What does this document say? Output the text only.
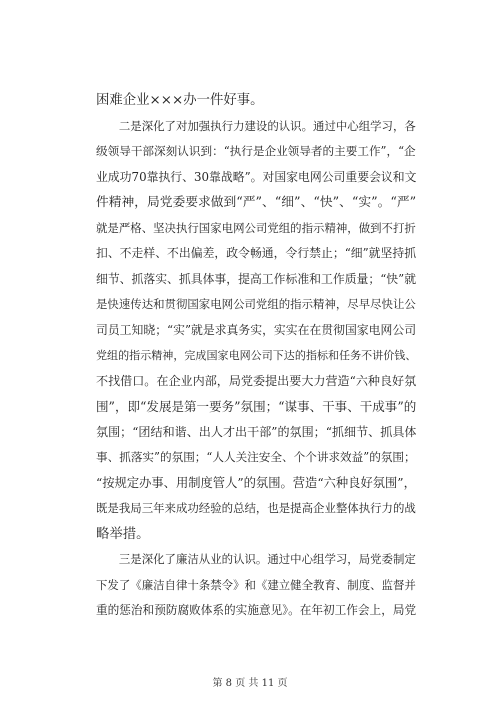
困难企业×××办一件好事。
　　二是深化了对加强执行力建设的认识。通过中心组学习，各
级领导干部深刻认识到：“执行是企业领导者的主要工作”，“企
业成功70靠执行、30靠战略”。对国家电网公司重要会议和文
件精神，局党委要求做到“严”、“细”、“快”、“实”。“严”
就是严格、坚决执行国家电网公司党组的指示精神，做到不打折
扣、不走样、不出偏差，政令畅通，令行禁止；“细”就坚持抓
细节、抓落实、抓具体事，提高工作标准和工作质量；“快”就
是快速传达和贯彻国家电网公司党组的指示精神，尽早尽快让公
司员工知晓；“实”就是求真务实，实实在在贯彻国家电网公司
党组的指示精神，完成国家电网公司下达的指标和任务不讲价钱、
不找借口。在企业内部，局党委提出要大力营造“六种良好氛
围”，即“发展是第一要务”氛围；“谋事、干事、干成事”的
氛围；“团结和谐、出人才出干部”的氛围；“抓细节、抓具体
事、抓落实”的氛围；“人人关注安全、个个讲求效益”的氛围；
“按规定办事、用制度管人”的氛围。营造“六种良好氛围”，
既是我局三年来成功经验的总结，也是提高企业整体执行力的战
略举措。
　　三是深化了廉洁从业的认识。通过中心组学习，局党委制定
下发了《廉洁自律十条禁令》和《建立健全教育、制度、监督并
重的惩治和预防腐败体系的实施意见》。在年初工作会上，局党
第 8 页 共 11 页
